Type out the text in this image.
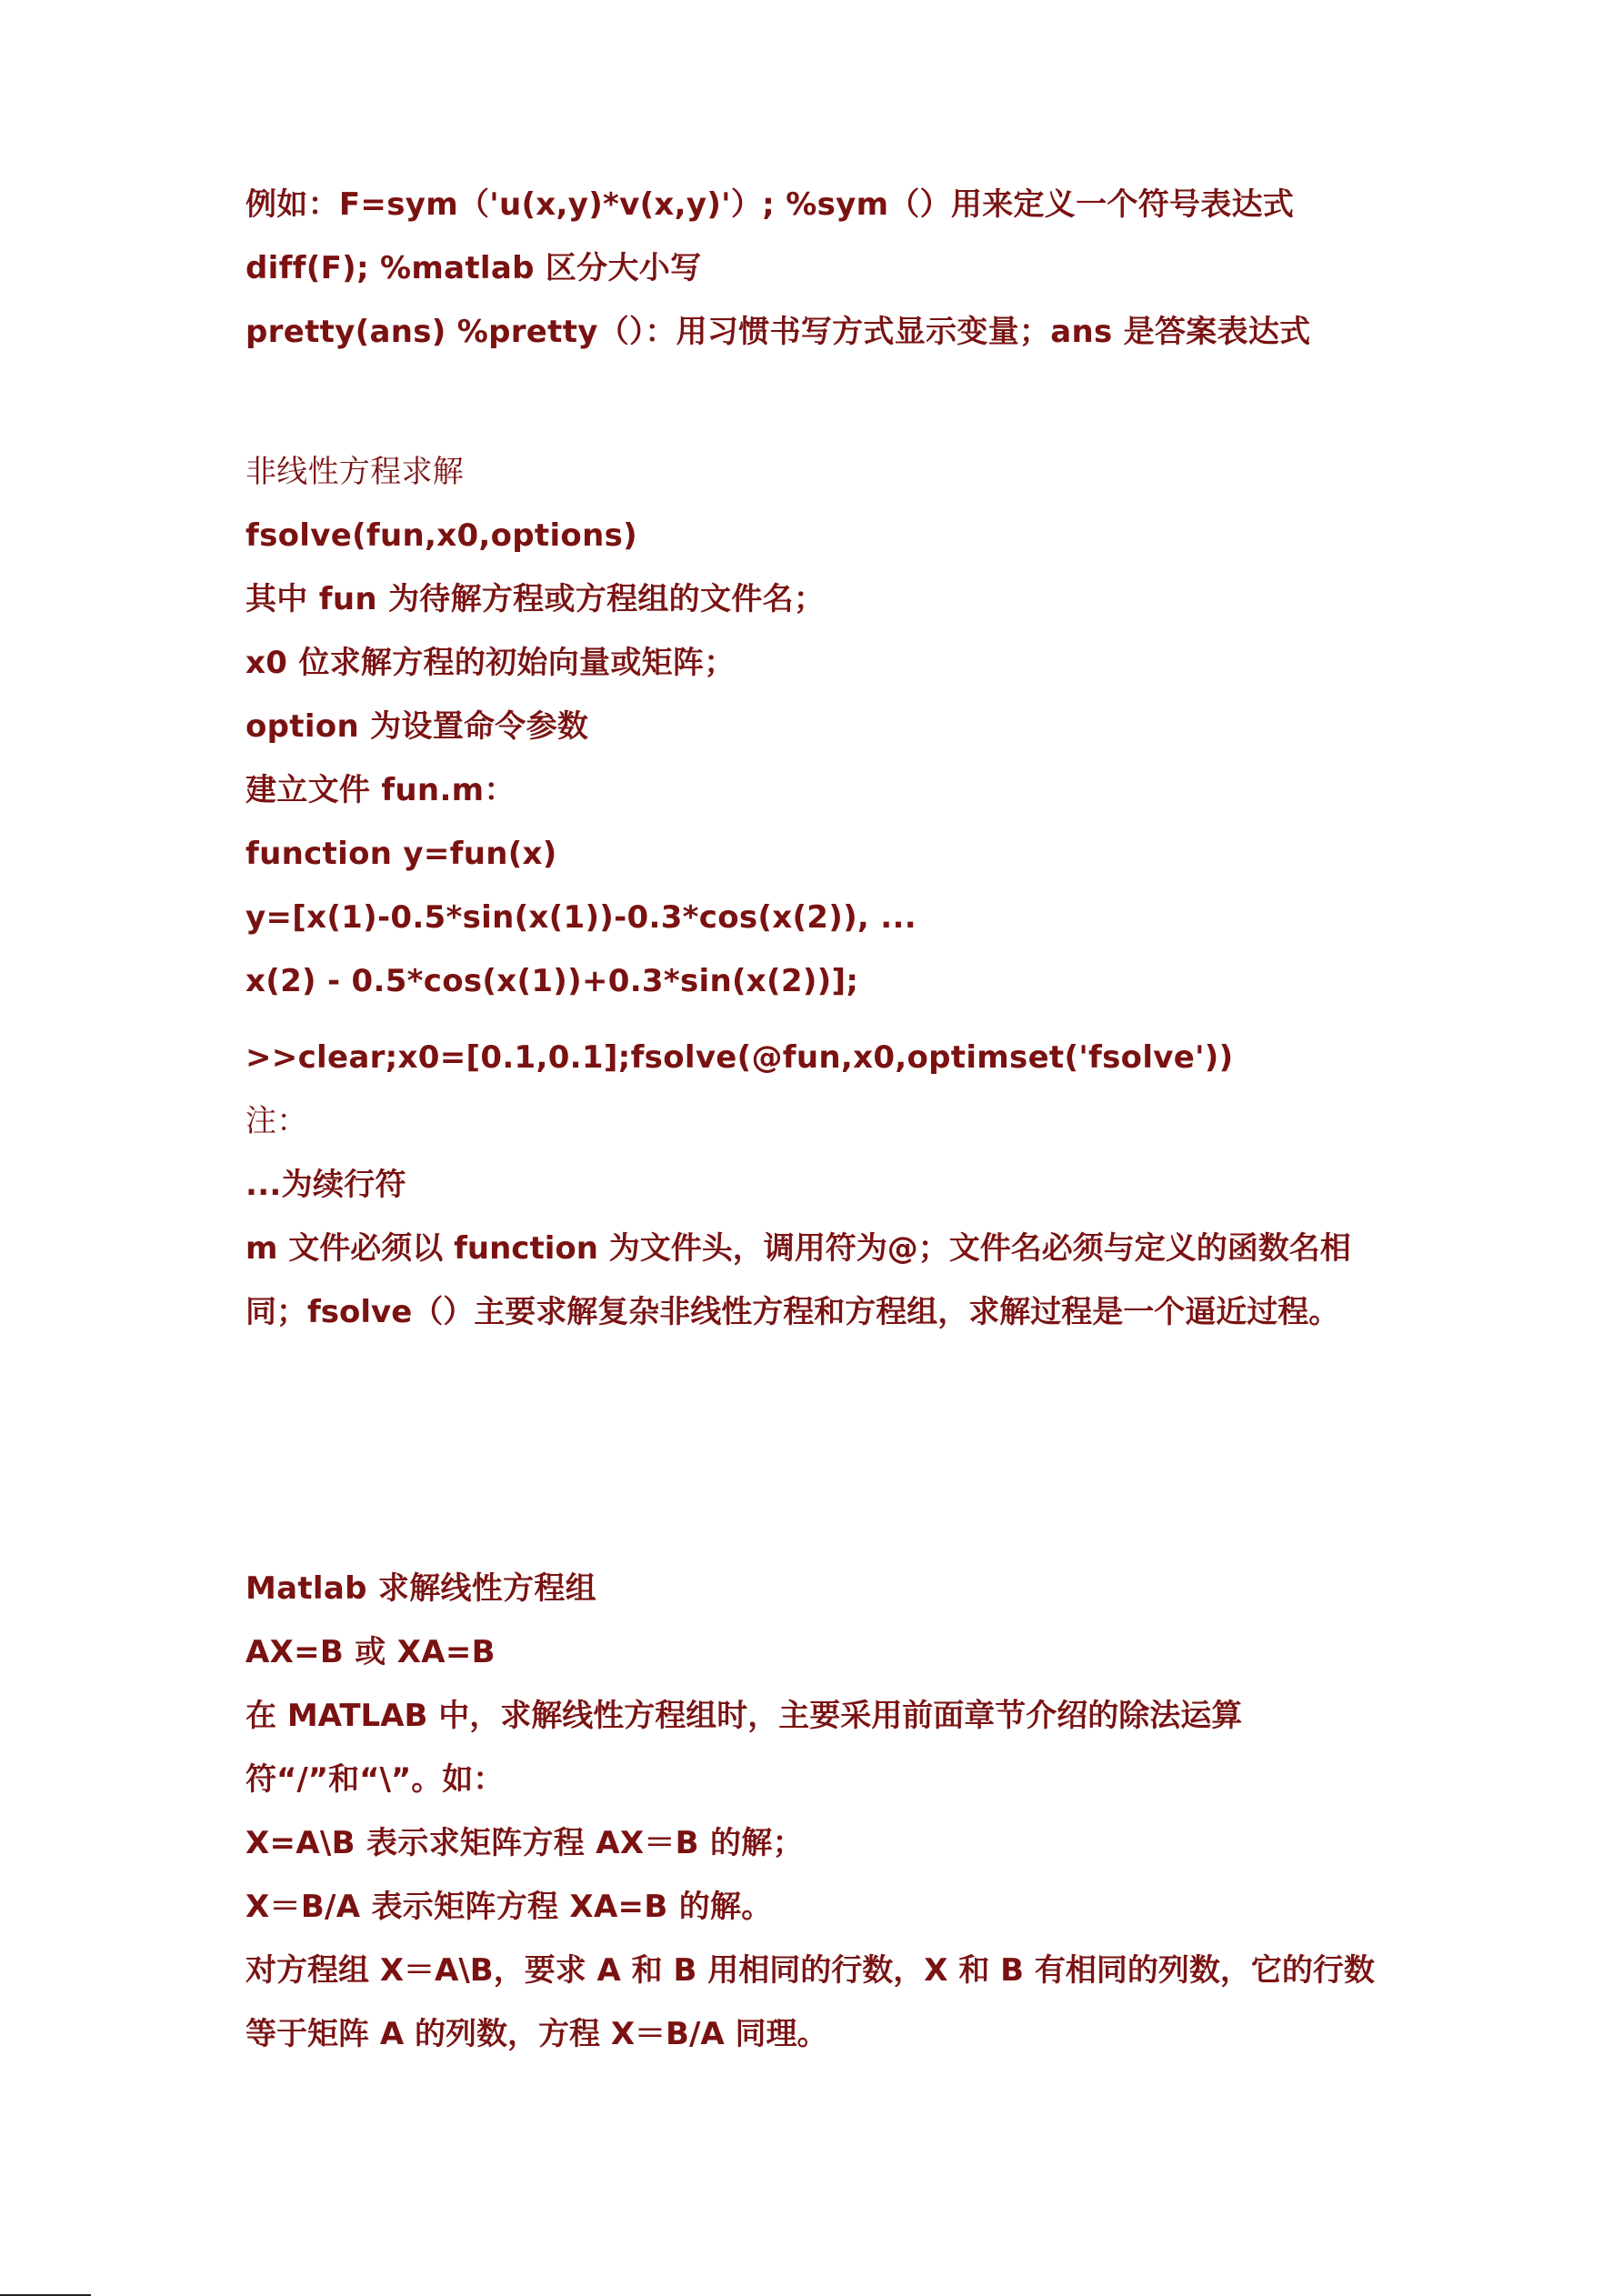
例如：F=sym（'u(x,y)*v(x,y)'）; %sym（）用来定义一个符号表达式
diff(F); %matlab 区分大小写
pretty(ans) %pretty（）：用习惯书写方式显示变量；ans 是答案表达式
非线性方程求解
fsolve(fun,x0,options)
其中 fun 为待解方程或方程组的文件名；
x0 位求解方程的初始向量或矩阵；
option 为设置命令参数
建立文件 fun.m：
function y=fun(x)
y=[x(1)-0.5*sin(x(1))-0.3*cos(x(2)), ...
x(2) - 0.5*cos(x(1))+0.3*sin(x(2))];
>>clear;x0=[0.1,0.1];fsolve(@fun,x0,optimset('fsolve'))
注：
...为续行符
m 文件必须以 function 为文件头，调用符为@；文件名必须与定义的函数名相同；fsolve（）主要求解复杂非线性方程和方程组，求解过程是一个逼近过程。
Matlab 求解线性方程组
AX=B 或 XA=B
在 MATLAB 中，求解线性方程组时，主要采用前面章节介绍的除法运算符“/”和“\”。如：
X=A\B 表示求矩阵方程 AX＝B 的解；
X＝B/A 表示矩阵方程 XA=B 的解。
对方程组 X＝A\B，要求 A 和 B 用相同的行数，X 和 B 有相同的列数，它的行数等于矩阵 A 的列数，方程 X＝B/A 同理。
